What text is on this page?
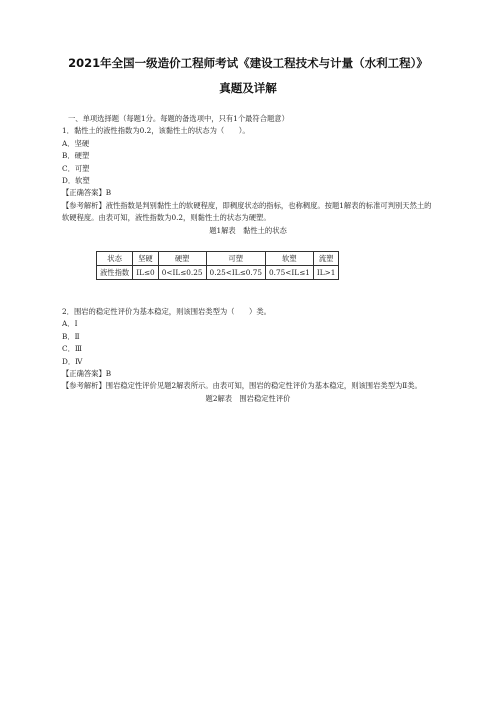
2021年全国一级造价工程师考试《建设工程技术与计量（水利工程）》
真题及详解
一、单项选择题（每题1分。每题的备选项中，只有1个最符合题意）
1．黏性土的液性指数为0.2，该黏性土的状态为（　　）。
A．坚硬
B．硬塑
C．可塑
D．软塑
【正确答案】B
【参考解析】液性指数是判别黏性土的软硬程度，即稠度状态的指标，也称稠度。按题1解表的标准可判别天然土的软硬程度。由表可知，液性指数为0.2，则黏性土的状态为硬塑。
题1解表　黏性土的状态
状态	坚硬	硬塑	可塑	软塑	流塑
液性指数	IL≤0	0<IL≤0.25	0.25<IL≤0.75	0.75<IL≤1	IL>1
2．围岩的稳定性评价为基本稳定，则该围岩类型为（　　）类。
A．Ⅰ
B．Ⅱ
C．Ⅲ
D．Ⅳ
【正确答案】B
【参考解析】围岩稳定性评价见题2解表所示。由表可知，围岩的稳定性评价为基本稳定，则该围岩类型为Ⅱ类。
题2解表　围岩稳定性评价
